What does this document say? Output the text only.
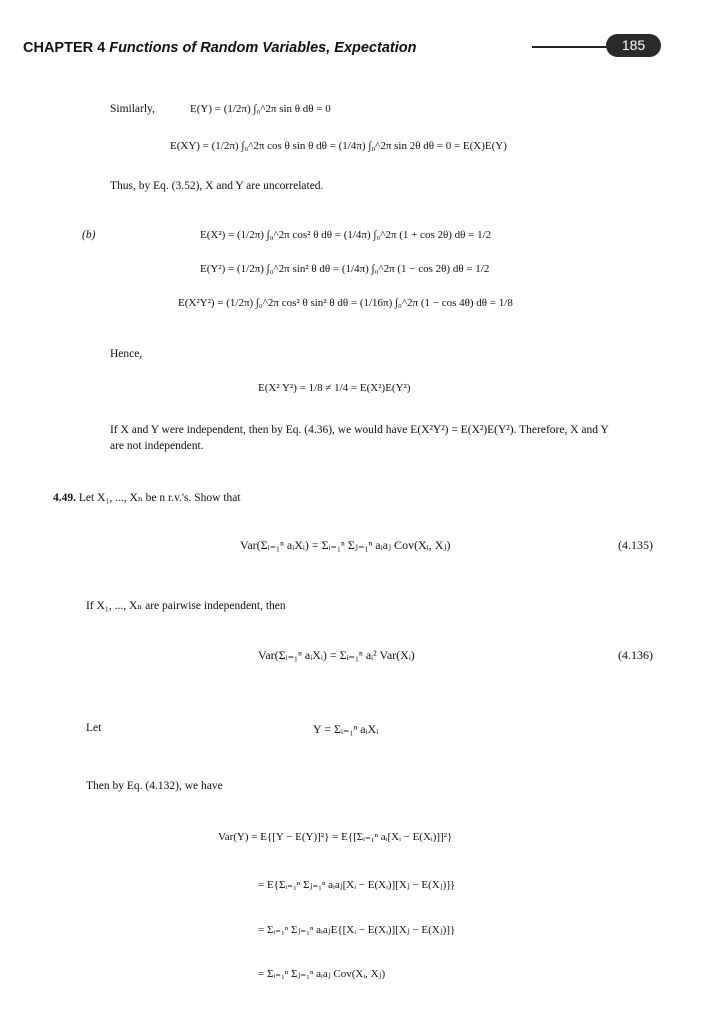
CHAPTER 4 Functions of Random Variables, Expectation	185
Similarly,	E(Y) = (1/2π) ∫₀^2π sin θ dθ = 0
E(XY) = (1/2π) ∫₀^2π cos θ sin θ dθ = (1/4π) ∫₀^2π sin 2θ dθ = 0 = E(X)E(Y)
Thus, by Eq. (3.52), X and Y are uncorrelated.
(b)	E(X²) = (1/2π) ∫₀^2π cos² θ dθ = (1/4π) ∫₀^2π (1 + cos 2θ) dθ = 1/2
E(Y²) = (1/2π) ∫₀^2π sin² θ dθ = (1/4π) ∫₀^2π (1 − cos 2θ) dθ = 1/2
E(X²Y²) = (1/2π) ∫₀^2π cos² θ sin² θ dθ = (1/16π) ∫₀^2π (1 − cos 4θ) dθ = 1/8
Hence,
E(X² Y²) = 1/8 ≠ 1/4 = E(X²)E(Y²)
If X and Y were independent, then by Eq. (4.36), we would have E(X²Y²) = E(X²)E(Y²). Therefore, X and Y
are not independent.
4.49. Let X₁, ..., Xₙ be n r.v.'s. Show that
Var(Σᵢ₌₁ⁿ aᵢXᵢ) = Σᵢ₌₁ⁿ Σⱼ₌₁ⁿ aᵢaⱼ Cov(Xᵢ, Xⱼ)	(4.135)
If X₁, ..., Xₙ are pairwise independent, then
Var(Σᵢ₌₁ⁿ aᵢXᵢ) = Σᵢ₌₁ⁿ aᵢ² Var(Xᵢ)	(4.136)
Let	Y = Σᵢ₌₁ⁿ aᵢXᵢ
Then by Eq. (4.132), we have
Var(Y) = E{[Y − E(Y)]²} = E{[Σᵢ₌₁ⁿ aᵢ[Xᵢ − E(Xᵢ)]]²}
= E{Σᵢ₌₁ⁿ Σⱼ₌₁ⁿ aᵢaⱼ[Xᵢ − E(Xᵢ)][Xⱼ − E(Xⱼ)]}
= Σᵢ₌₁ⁿ Σⱼ₌₁ⁿ aᵢaⱼE{[Xᵢ − E(Xᵢ)][Xⱼ − E(Xⱼ)]}
= Σᵢ₌₁ⁿ Σⱼ₌₁ⁿ aᵢaⱼ Cov(Xᵢ, Xⱼ)
